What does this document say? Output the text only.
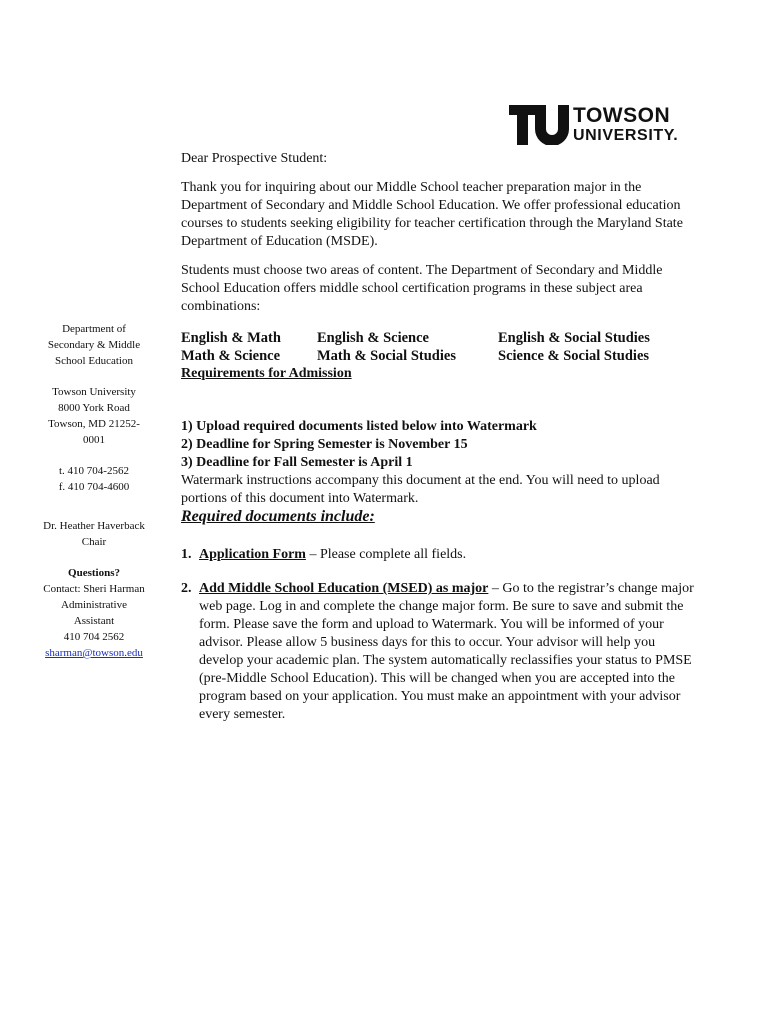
TOWSON
UNIVERSITY.

Department of

Secondary & Middle

School Education

Towson University

8000 York Road

Towson, MD 21252-

0001

t. 410 704-2562

f. 410 704-4600

Dr. Heather Haverback

Chair

Questions?

Contact: Sheri Harman

Administrative

Assistant

410 704 2562

sharman@towson.edu

Dear Prospective Student:

Thank you for inquiring about our Middle School teacher preparation major in the Department of Secondary and Middle School Education. We offer professional education courses to students seeking eligibility for teacher certification through the Maryland State Department of Education (MSDE).

Students must choose two areas of content. The Department of Secondary and Middle School Education offers middle school certification programs in these subject area combinations:

English & Math	English & Science	English & Social Studies
Math & Science	Math & Social Studies	Science & Social Studies

Requirements for Admission

1) Upload required documents listed below into Watermark

2) Deadline for Spring Semester is November 15

3) Deadline for Fall Semester is April 1

Watermark instructions accompany this document at the end. You will need to upload portions of this document into Watermark.

Required documents include:

1. Application Form – Please complete all fields.
2. Add Middle School Education (MSED) as major – Go to the registrar’s change major web page. Log in and complete the change major form. Be sure to save and submit the form. Please save the form and upload to Watermark. You will be informed of your advisor. Please allow 5 business days for this to occur. Your advisor will help you develop your academic plan. The system automatically reclassifies your status to PMSE (pre-Middle School Education). This will be changed when you are accepted into the program based on your application. You must make an appointment with your advisor every semester.
